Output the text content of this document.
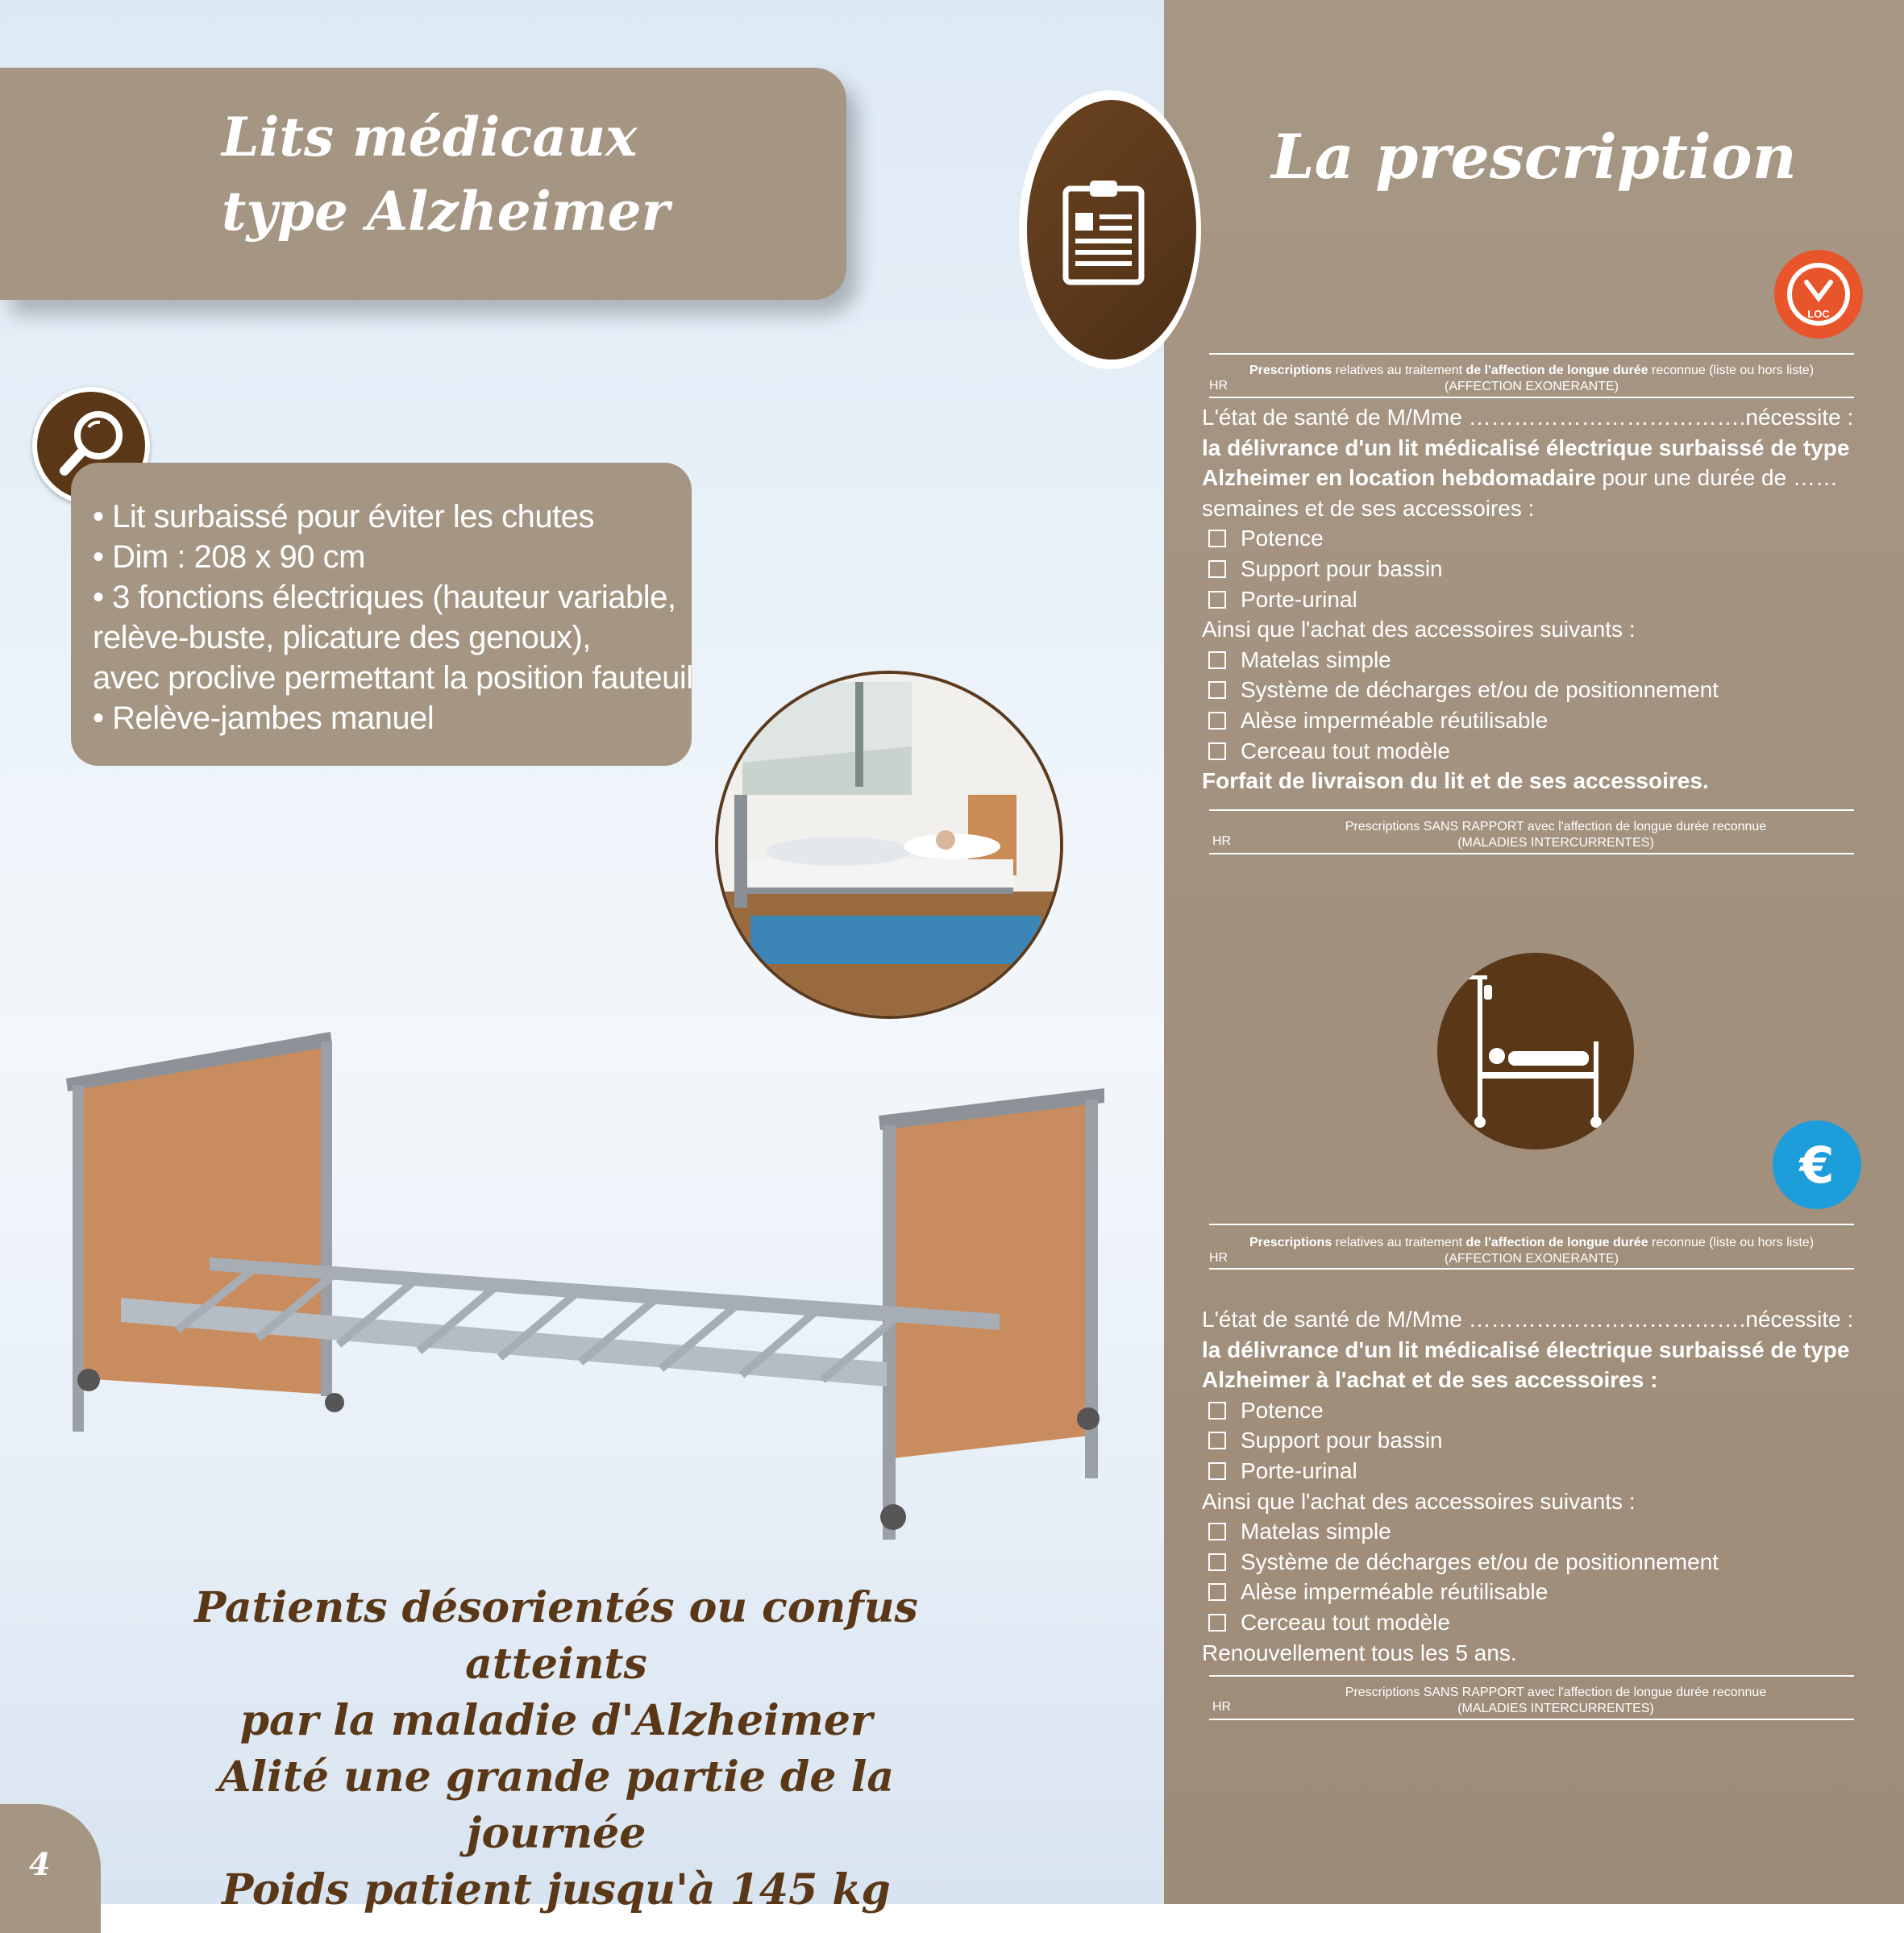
Lits médicaux
type Alzheimer
• Lit surbaissé pour éviter les chutes
• Dim : 208 x 90 cm
• 3 fonctions électriques (hauteur variable,
relève-buste, plicature des genoux),
avec proclive permettant la position fauteuil
• Relève-jambes manuel
Patients désorientés ou confus atteints
par la maladie d'Alzheimer
Alité une grande partie de la journée
Poids patient jusqu'à 145 kg
4
La prescription
LOC
Prescriptions relatives au traitement de l'affection de longue durée reconnue (liste ou hors liste)
(AFFECTION EXONERANTE)
HR
L'état de santé de M/Mme ……………………………….nécessite :
la délivrance d'un lit médicalisé électrique surbaissé de type
Alzheimer en location hebdomadaire pour une durée de ……
semaines et de ses accessoires :
Potence
Support pour bassin
Porte-urinal
Ainsi que l'achat des accessoires suivants :
Matelas simple
Système de décharges et/ou de positionnement
Alèse imperméable réutilisable
Cerceau tout modèle
Forfait de livraison du lit et de ses accessoires.
Prescriptions SANS RAPPORT avec l'affection de longue durée reconnue
(MALADIES INTERCURRENTES)
HR
€
Prescriptions relatives au traitement de l'affection de longue durée reconnue (liste ou hors liste)
(AFFECTION EXONERANTE)
HR
L'état de santé de M/Mme ……………………………….nécessite :
la délivrance d'un lit médicalisé électrique surbaissé de type
Alzheimer à l'achat et de ses accessoires :
Potence
Support pour bassin
Porte-urinal
Ainsi que l'achat des accessoires suivants :
Matelas simple
Système de décharges et/ou de positionnement
Alèse imperméable réutilisable
Cerceau tout modèle
Renouvellement tous les 5 ans.
Prescriptions SANS RAPPORT avec l'affection de longue durée reconnue
(MALADIES INTERCURRENTES)
HR
